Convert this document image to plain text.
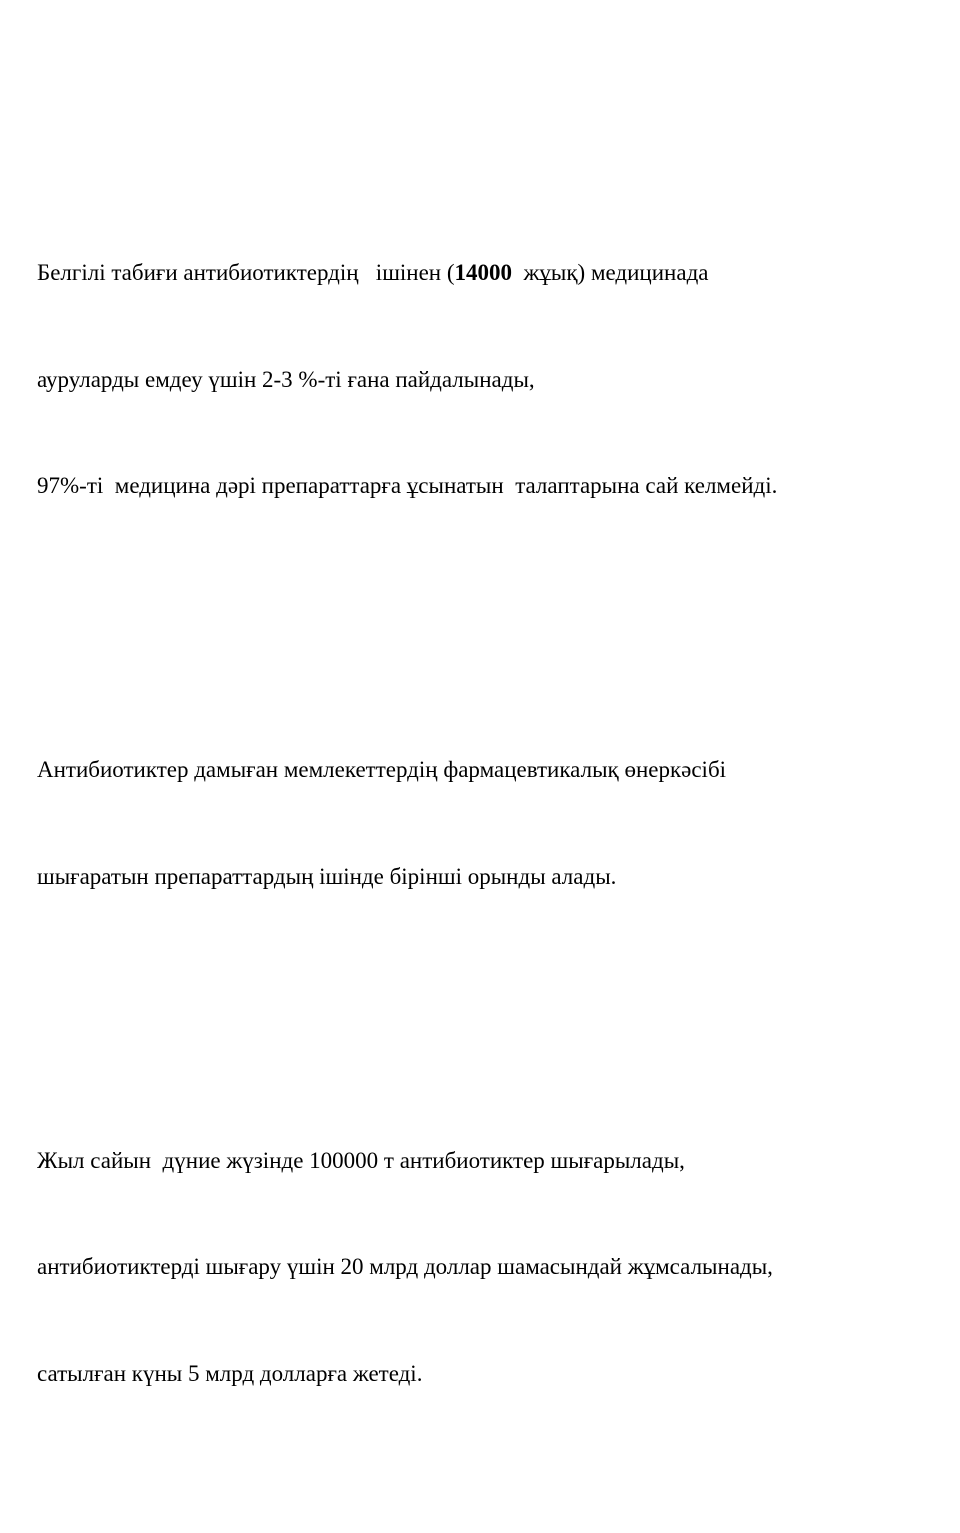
Белгілі табиғи антибиотиктердің   ішінен (14000  жұық) медицинада

ауруларды емдеу үшін 2-3 %-ті ғана пайдалынады,

97%-ті  медицина дәрі препараттарға ұсынатын  талаптарына сай келмейді.

Антибиотиктер дамыған мемлекеттердің фармацевтикалық өнеркәсібі

шығаратын препараттардың ішінде бірінші орынды алады.

Жыл сайын  дүние жүзінде 100000 т антибиотиктер шығарылады,

антибиотиктерді шығару үшін 20 млрд доллар шамасындай жұмсалынады,

сатылған күны 5 млрд долларға жетеді.
